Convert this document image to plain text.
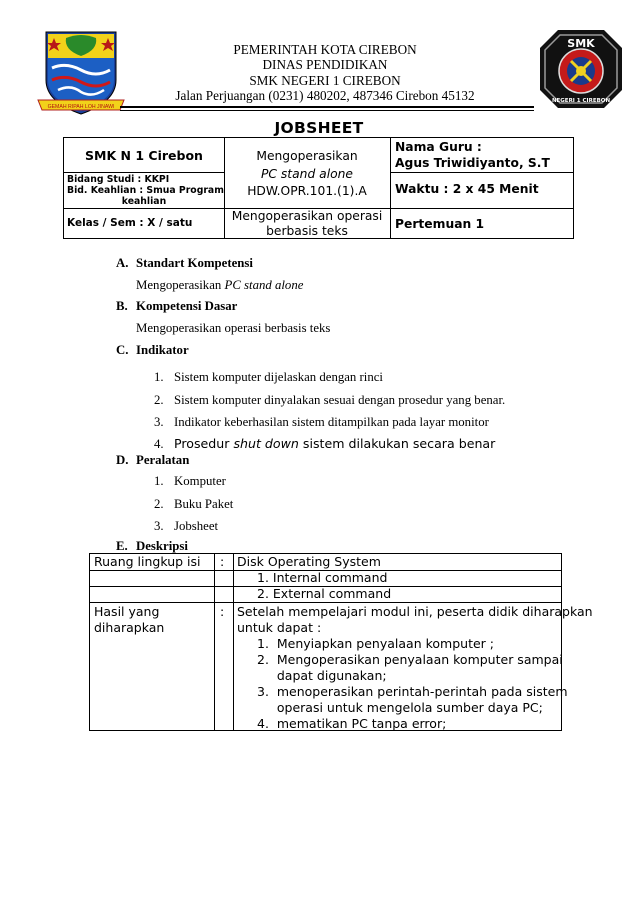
GEMAH RIPAH LOH JINAWI
SMK
NEGERI 1 CIREBON
PEMERINTAH KOTA CIREBON
DINAS PENDIDIKAN
SMK NEGERI 1 CIREBON
Jalan Perjuangan (0231) 480202, 487346 Cirebon 45132
JOBSHEET
SMK N 1 Cirebon
Bidang Studi : KKPI
Bid. Keahlian : Smua Program
keahlian
Kelas / Sem : X / satu
Mengoperasikan
PC stand alone
HDW.OPR.101.(1).A
Mengoperasikan operasi
berbasis teks
Nama Guru :
Agus Triwidiyanto, S.T
Waktu : 2 x 45 Menit
Pertemuan 1
A. Standart Kompetensi
Mengoperasikan PC stand alone
B. Kompetensi Dasar
Mengoperasikan operasi berbasis teks
C. Indikator
1. Sistem komputer dijelaskan dengan rinci
2. Sistem komputer dinyalakan sesuai dengan prosedur yang benar.
3. Indikator keberhasilan sistem ditampilkan pada layar monitor
4. Prosedur shut down sistem dilakukan secara benar
D. Peralatan
1. Komputer
2. Buku Paket
3. Jobsheet
E. Deskripsi
Ruang lingkup isi : Disk Operating System
1. Internal command
2. External command
Hasil yang
diharapkan
: Setelah mempelajari modul ini, peserta didik diharapkan
untuk dapat :
1.  Menyiapkan penyalaan komputer ;
2.  Mengoperasikan penyalaan komputer sampai
dapat digunakan;
3.  menoperasikan perintah-perintah pada sistem
operasi untuk mengelola sumber daya PC;
4.  mematikan PC tanpa error;
